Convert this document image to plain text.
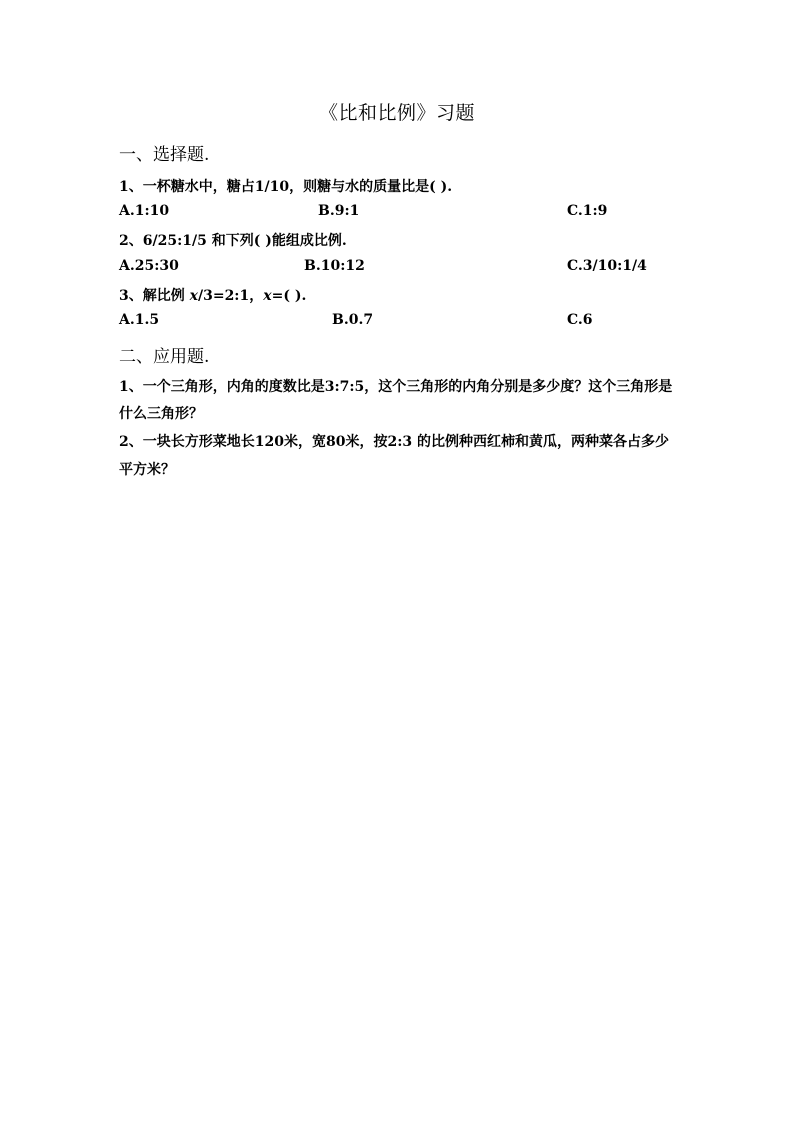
《比和比例》习题
一、选择题.
1、一杯糖水中，糖占1/10，则糖与水的质量比是( ).
A.1:10	B.9:1	C.1:9
2、6/25:1/5 和下列( )能组成比例.
A.25:30	B.10:12	C.3/10:1/4
3、解比例 x/3=2:1，x=( ).
A.1.5	B.0.7	C.6
二、应用题.
1、一个三角形，内角的度数比是3:7:5，这个三角形的内角分别是多少度？这个三角形是
什么三角形？
2、一块长方形菜地长120米，宽80米，按2:3 的比例种西红柿和黄瓜，两种菜各占多少
平方米？
